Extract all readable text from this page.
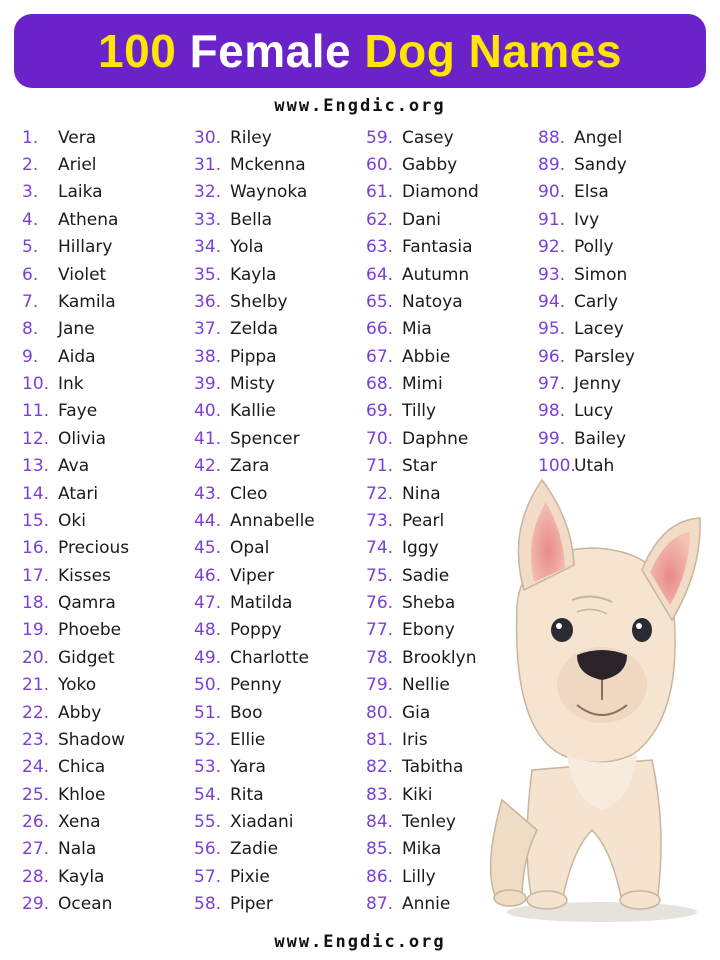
100
Female
Dog Names
www.Engdic.org
1.	Vera
2.	Ariel
3.	Laika
4.	Athena
5.	Hillary
6.	Violet
7.	Kamila
8.	Jane
9.	Aida
10. Ink
11. Faye
12. Olivia
13. Ava
14. Atari
15. Oki
16. Precious
17. Kisses
18. Qamra
19. Phoebe
20. Gidget
21. Yoko
22. Abby
23. Shadow
24. Chica
25. Khloe
26. Xena
27. Nala
28. Kayla
29. Ocean
30. Riley
31. Mckenna
32. Waynoka
33. Bella
34. Yola
35. Kayla
36. Shelby
37. Zelda
38. Pippa
39. Misty
40. Kallie
41. Spencer
42. Zara
43. Cleo
44. Annabelle
45. Opal
46. Viper
47. Matilda
48. Poppy
49. Charlotte
50. Penny
51. Boo
52. Ellie
53. Yara
54. Rita
55. Xiadani
56. Zadie
57. Pixie
58. Piper
59. Casey
60. Gabby
61. Diamond
62. Dani
63. Fantasia
64. Autumn
65. Natoya
66. Mia
67. Abbie
68. Mimi
69. Tilly
70. Daphne
71. Star
72. Nina
73. Pearl
74. Iggy
75. Sadie
76. Sheba
77. Ebony
78. Brooklyn
79. Nellie
80. Gia
81. Iris
82. Tabitha
83. Kiki
84. Tenley
85. Mika
86. Lilly
87. Annie
88. Angel
89. Sandy
90. Elsa
91. Ivy
92. Polly
93. Simon
94. Carly
95. Lacey
96. Parsley
97. Jenny
98. Lucy
99. Bailey
100.
Utah
www.Engdic.org
